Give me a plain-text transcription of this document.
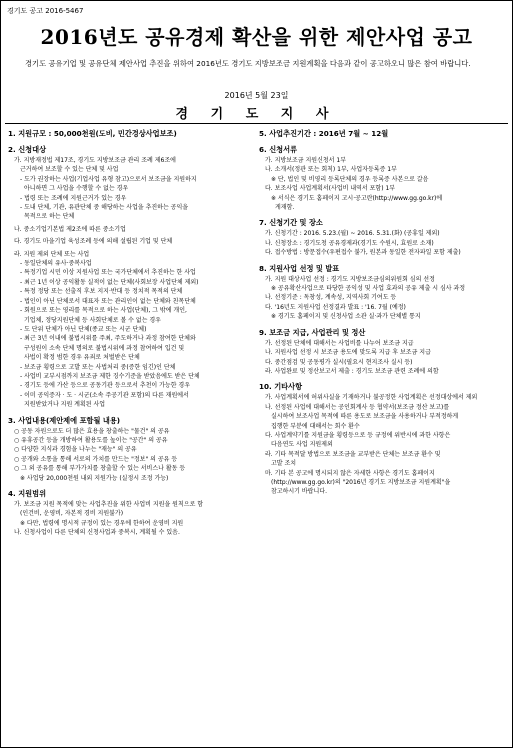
경기도 공고 2016-5467
2016년도 공유경제 확산을 위한 제안사업 공고
경기도 공유기업 및 공유단체 제안사업 추진을 위하여 2016년도 경기도 지방보조금 지원계획을 다음과 같이 공고하오니 많은 참여 바랍니다.
2016년 5월 23일
경 기 도 지 사
1. 지원규모 : 50,000천원(도비, 민간경상사업보조)
2. 신청대상
가. 지방재정법 제17조, 경기도 지방보조금 관리 조례 제6조에
근거하여 보조할 수 있는 단체 및 사업
- 도가 권장하는 사업(기업사업 유형 참고)으로서 보조금을 지원하지
아니하면 그 사업을 수행할 수 없는 경우
- 법령 또는 조례에 지원근거가 있는 경우
- 도내 단체, 기관, 유관단체 중 해당하는 사업을 추진하는 공익을
목적으로 하는 단체
나. 중소기업기본법 제2조에 따른 중소기업
다. 경기도 마을기업 육성조례 등에 의해 설립된 기업 및 단체
라. 지원 제외 단체 또는 사업
- 동일단체의 유사·중복사업
- 특정기업 시민 이상 지원사업 또는 국가단체에서 추진하는 한 사업
- 최근 1년 이상 공익활동 실적이 없는 단체(사회보장 사업단체 제외)
- 특정 정당 또는 선출직 후보 지지·반대 등 정치적 목적의 단체
- 법인이 아닌 단체로서 대표자 또는 관리인이 없는 단체와 친목단체
- 회원으로 또는 영리를 목적으로 하는 사업(단체), 그 밖에 개인,
기업체, 정당지원단체 등 사회단체로 볼 수 없는 경우
- 도 단위 단체가 아닌 단체(종교 또는 시군 단체)
- 최근 3년 이내에 불법시위를 주최, 주도하거나 과정 참여한 단체와
구성원이 소속 단체 명의로 불법시위에 과정 참여하여 입건 및
사법이 확정 범한 경우 유죄로 처벌받은 단체
- 보조금 횡령으로 고발 또는 사법처리 중(증한 임긴)인 단체
- 사업비 교부시점까지 보조금 제한 징수기준을 받았음에도 받은 단체
- 경기도 등에 가산 등으로 공동기관 등으로서 추천이 가능한 경우
- 이미 공익증자 · 도 · 시군(소속 주공기관 포함)의 다른 재원에서
지원받았거나 지원 계획된 사업
3. 사업내용(제안제에 포함될 내용)
○ 공동 자원으로도 더 많은 효용을 창출하는 "물건" 의 공유
○ 유휴공간 등을 개방하여 활용도를 높이는 "공간" 의 공유
○ 다양한 지식과 경험을 나누는 "재능" 의 공유
○ 공개와 소통을 통해 서로의 가치를 만드는 "정보" 의 공유 등
○ 그 외 공유를 통해 부가가치를 창출할 수 있는 서비스나 활동 등
※ 사업당 20,000천원 내외 지원가능 (실정시 조정 가능)
4. 지원범위
가. 보조금 지원 목적에 맞는 사업추진을 위한 사업비 지원을 원칙으로 함
(인건비, 운영비, 자본적 경비 지원불가)
※ 다만, 법령에 명시적 규정이 있는 경우에 한하여 운영비 지원
나. 신청사업이 다른 단체의 신청사업과 중복시, 계획될 수 있음.
5. 사업추진기간 : 2016년 7월 ~ 12월
6. 신청서류
가. 지방보조금 지원신청서 1부
나. 소개서(정관 또는 회칙) 1부, 사업자등록증 1부
※ 단, 법인 및 비영리 등록단체의 경우 등록증 사본으로 갈음
다. 보조사업 사업계획서(사업비 내역서 포함) 1부
※ 서식은 경기도 홈페이지 고시·공고란(http://www.gg.go.kr)에
게재함.
7. 신청기간 및 장소
가. 신청기간 : 2016. 5.23.(월) ~ 2016. 5.31.(화) (공휴일 제외)
나. 신청장소 : 경기도청 공유경제과(경기도 수원시, 효원로 소재)
다. 접수방법 : 방문접수(우편접수 불가, 원본과 동일한 전자파일 포함 제출)
8. 지원사업 선정 및 발표
가. 지원 대상사업 선정 : 경기도 지방보조금심의위원회 심의 선정
※ 공유확산사업으로 타당한 공익성 및 사업 효과의 공유 제출 시 심사 과정
나. 선정기준 : 독창성, 계속성, 지역사회 기여도 등
다. '16년도 지원사업 선정결과 발표 : '16. 7월 (예정)
※ 경기도 홈페이지 및 신청사업 소관 실·과가 단체별 통지
9. 보조금 지급, 사업관리 및 정산
가. 선정된 단체에 대해서는 사업비를 나누어 보조금 지급
나. 지원사업 선정 시 보조금 용도에 맞도록 지급 후 보조금 지급
다. 중간점검 및 공동평가 실시(필요시 현지조사 실시 등)
라. 사업완료 및 정산보고서 제출 : 경기도 보조금 관련 조례에 의함
10. 기타사항
가. 사업계획서에 허위사실을 기재하거나 불공정한 사업계획은 선정대상에서 제외
나. 선정된 사업에 대해서는 공인회계사 등 협약서(보조금 정산 보고)를
실시하여 보조사업 목적에 따른 용도로 보조금을 사용하거나 부적정하게
집행한 부분에 대해서는 회수 환수
다. 사업계약기를 지원금을 횡령등으로 등 규정에 위반시에 과한 사항은
다음연도 사업 지원제외
라. 기타 목적달 방법으로 보조금을 교부받은 단체는 보조금 환수 및
고발 조치
마. 기타 본 공고에 명시되지 않은 자세한 사항은 경기도 홈페이지
(http://www.gg.go.kr)의 "2016년 경기도 지방보조금 지원계획"을
참고하시기 바랍니다.
